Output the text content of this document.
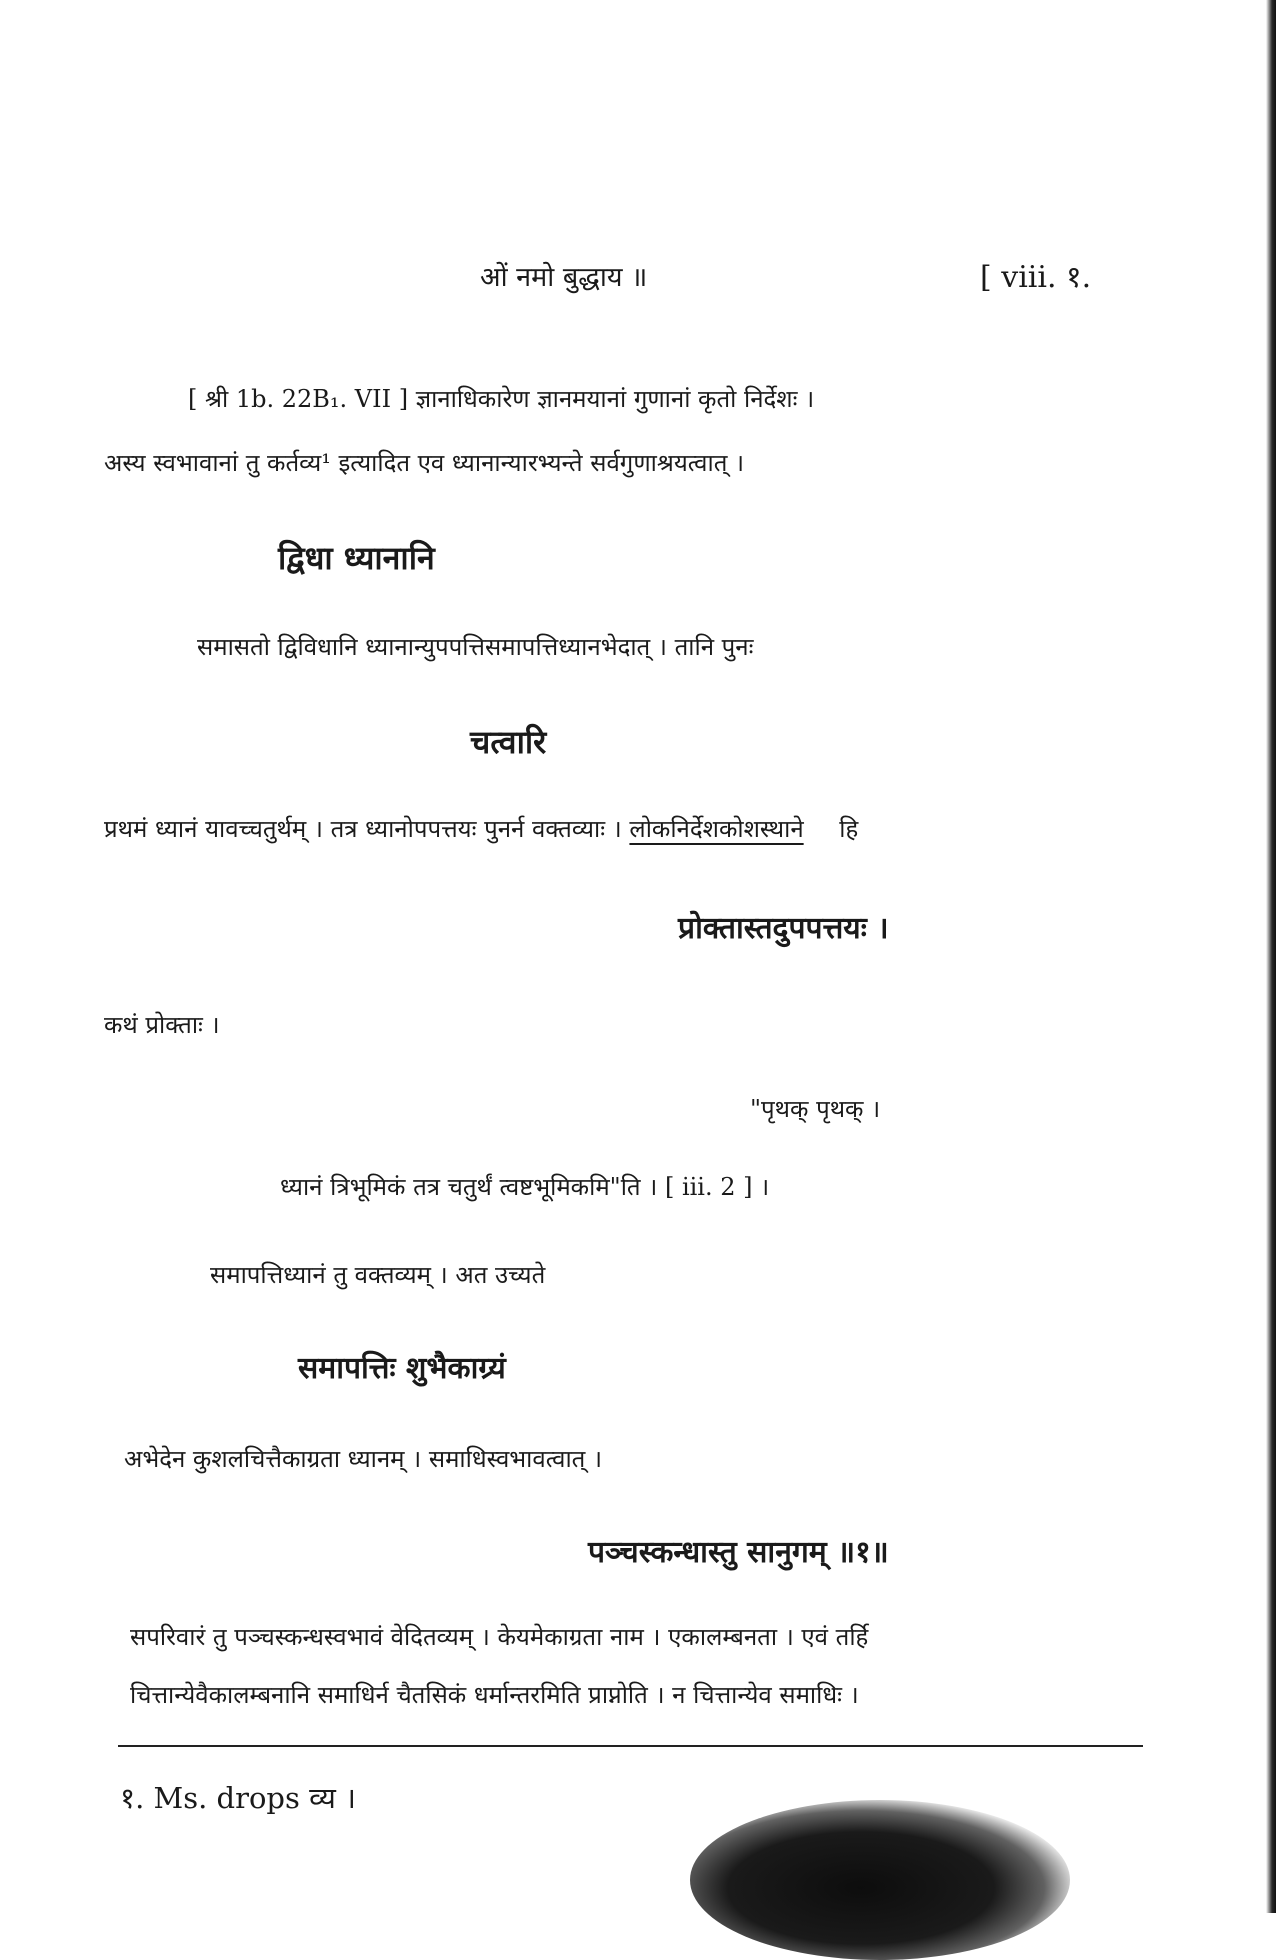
ओं नमो बुद्धाय ॥	[ viii. १.
[ श्री 1b. 22B₁. VII ] ज्ञानाधिकारेण ज्ञानमयानां गुणानां कृतो निर्देशः ।
अस्य स्वभावानां तु कर्तव्य¹ इत्यादित एव ध्यानान्यारभ्यन्ते सर्वगुणाश्रयत्वात् ।
द्विधा ध्यानानि
समासतो द्विविधानि ध्यानान्युपपत्तिसमापत्तिध्यानभेदात् । तानि पुनः
चत्वारि
प्रथमं ध्यानं यावच्चतुर्थम् । तत्र ध्यानोपपत्तयः पुनर्न वक्तव्याः । लोकनिर्देशकोशस्थाने हि
प्रोक्तास्तदुपपत्तयः ।
कथं प्रोक्ताः ।
"पृथक् पृथक् ।
ध्यानं त्रिभूमिकं तत्र चतुर्थं त्वष्टभूमिकमि"ति । [ iii. 2 ] ।
समापत्तिध्यानं तु वक्तव्यम् । अत उच्यते
समापत्तिः शुभैकाग्र्यं
अभेदेन कुशलचित्तैकाग्रता ध्यानम् । समाधिस्वभावत्वात् ।
पञ्चस्कन्धास्तु सानुगम् ॥१॥
सपरिवारं तु पञ्चस्कन्धस्वभावं वेदितव्यम् । केयमेकाग्रता नाम । एकालम्बनता । एवं तर्हि
चित्तान्येवैकालम्बनानि समाधिर्न चैतसिकं धर्मान्तरमिति प्राप्नोति । न चित्तान्येव समाधिः ।
१. Ms. drops व्य ।
